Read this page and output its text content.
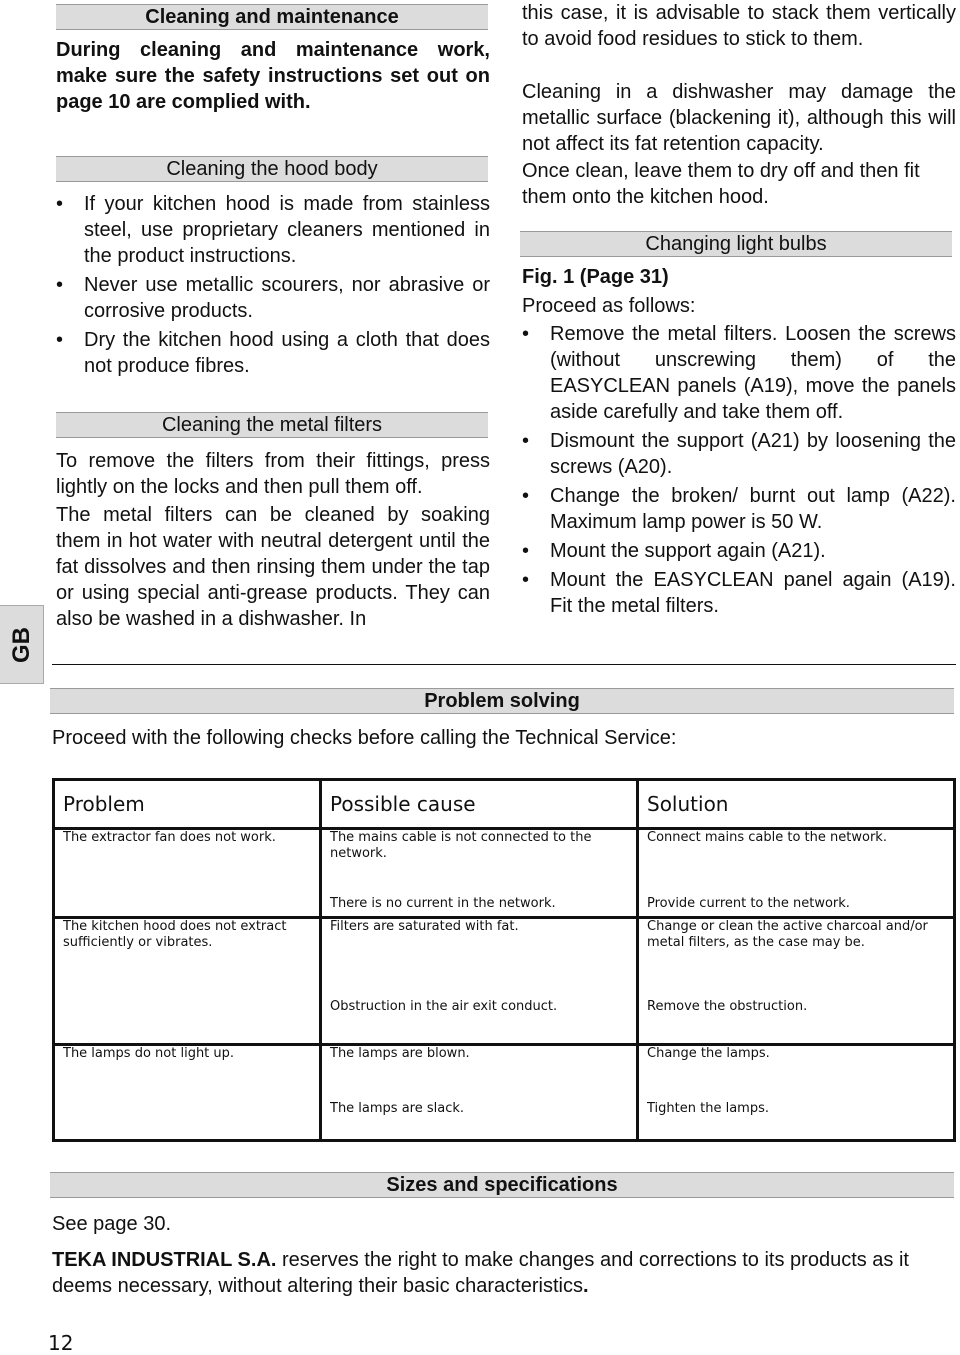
GB
Cleaning and maintenance
During cleaning and maintenance work, make sure the safety instructions set out on page 10 are complied with.
Cleaning the hood body
• If your kitchen hood is made from stainless steel, use proprietary cleaners mentioned in the product instructions.
• Never use metallic scourers, nor abrasive or corrosive products.
• Dry the kitchen hood using a cloth that does not produce fibres.
Cleaning the metal filters
To remove the filters from their fittings, press lightly on the locks and then pull them off.
The metal filters can be cleaned by soaking them in hot water with neutral detergent until the fat dissolves and then rinsing them under the tap or using special anti-grease products. They can also be washed in a dishwasher. In
this case, it is advisable to stack them vertically to avoid food residues to stick to them.
Cleaning in a dishwasher may damage the metallic surface (blackening it), although this will not affect its fat retention capacity.
Once clean, leave them to dry off and then fit them onto the kitchen hood.
Changing light bulbs
Fig. 1 (Page 31)
Proceed as follows:
• Remove the metal filters. Loosen the screws (without unscrewing them) of the EASYCLEAN panels (A19), move the panels aside carefully and take them off.
• Dismount the support (A21) by loosening the screws (A20).
• Change the broken/ burnt out lamp (A22). Maximum lamp power is 50 W.
• Mount the support again (A21).
• Mount the EASYCLEAN panel again (A19). Fit the metal filters.
Problem solving
Proceed with the following checks before calling the Technical Service:
Problem	Possible cause	Solution
The extractor fan does not work.	The mains cable is not connected to the network.	Connect mains cable to the network.
	There is no current in the network.	Provide current to the network.
The kitchen hood does not extract sufficiently or vibrates.	Filters are saturated with fat.	Change or clean the active charcoal and/or metal filters, as the case may be.
	Obstruction in the air exit conduct.	Remove the obstruction.
The lamps do not light up.	The lamps are blown.	Change the lamps.
	The lamps are slack.	Tighten the lamps.
Sizes and specifications
See page 30.
TEKA INDUSTRIAL S.A. reserves the right to make changes and corrections to its products as it deems necessary, without altering their basic characteristics.
12
